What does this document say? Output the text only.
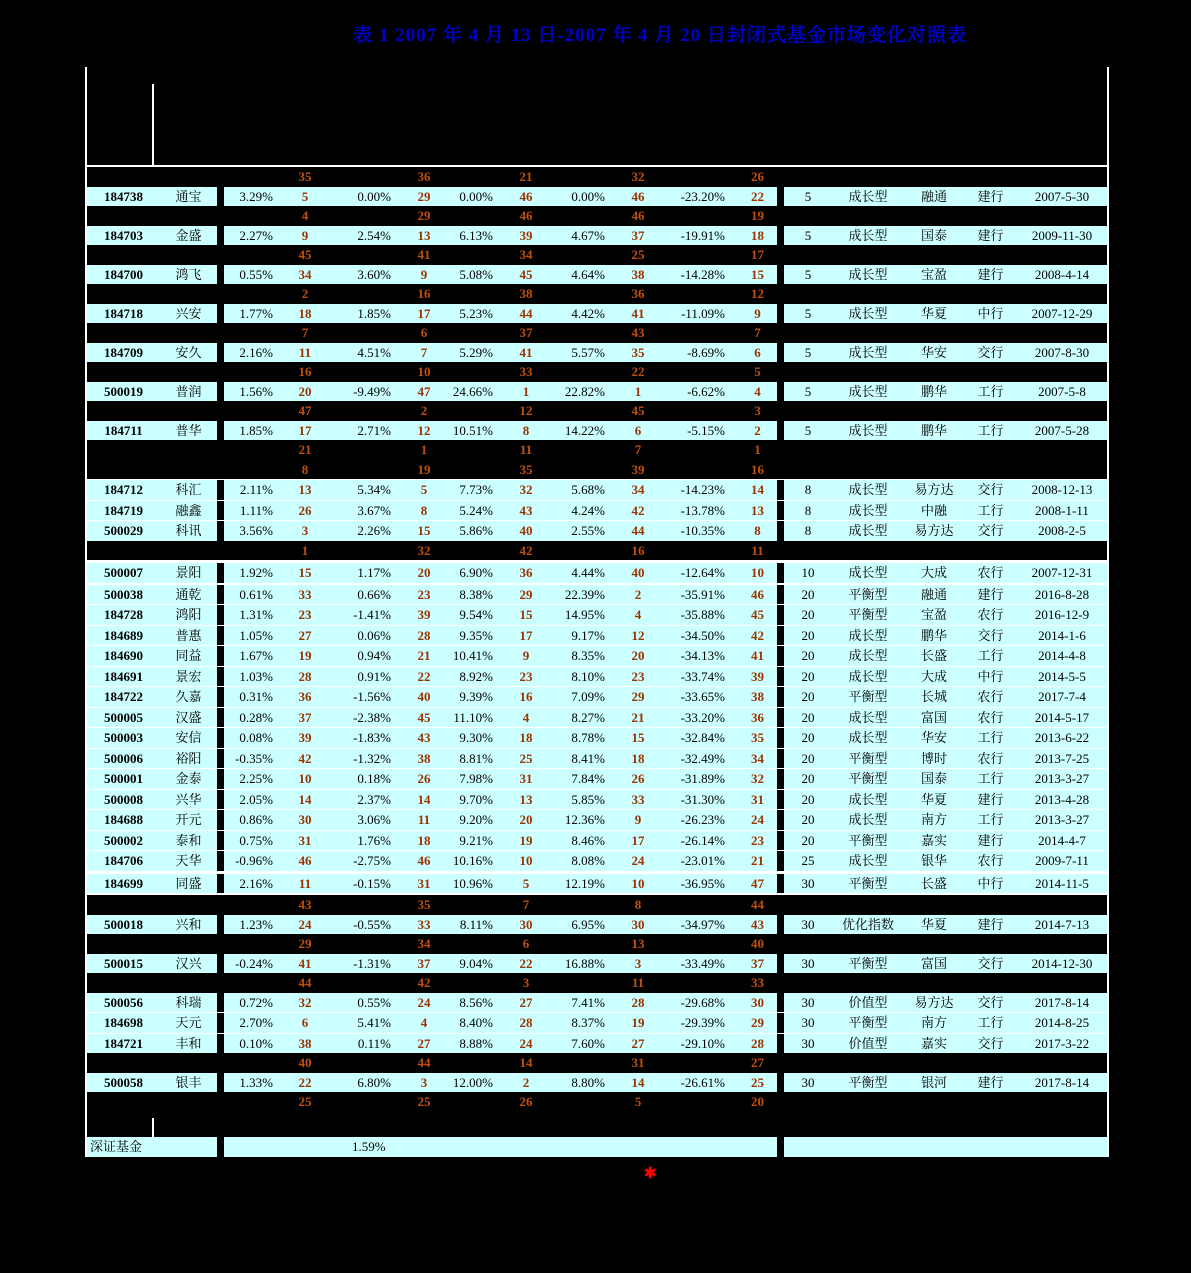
表 1 2007 年 4 月 13 日-2007 年 4 月 20 日封闭式基金市场变化对照表
35	36	21	32	26
184738	通宝	3.29%	5	0.00%	29	0.00%	46	0.00%	46	-23.20%	22	5	成长型	融通	建行	2007-5-30
4	29	46	46	19
184703	金盛	2.27%	9	2.54%	13	6.13%	39	4.67%	37	-19.91%	18	5	成长型	国泰	建行	2009-11-30
45	41	34	25	17
184700	鸿飞	0.55%	34	3.60%	9	5.08%	45	4.64%	38	-14.28%	15	5	成长型	宝盈	建行	2008-4-14
2	16	38	36	12
184718	兴安	1.77%	18	1.85%	17	5.23%	44	4.42%	41	-11.09%	9	5	成长型	华夏	中行	2007-12-29
7	6	37	43	7
184709	安久	2.16%	11	4.51%	7	5.29%	41	5.57%	35	-8.69%	6	5	成长型	华安	交行	2007-8-30
16	10	33	22	5
500019	普润	1.56%	20	-9.49%	47	24.66%	1	22.82%	1	-6.62%	4	5	成长型	鹏华	工行	2007-5-8
47	2	12	45	3
184711	普华	1.85%	17	2.71%	12	10.51%	8	14.22%	6	-5.15%	2	5	成长型	鹏华	工行	2007-5-28
21	1	11	7	1
8	19	35	39	16
184712	科汇	2.11%	13	5.34%	5	7.73%	32	5.68%	34	-14.23%	14	8	成长型	易方达	交行	2008-12-13
184719	融鑫	1.11%	26	3.67%	8	5.24%	43	4.24%	42	-13.78%	13	8	成长型	中融	工行	2008-1-11
500029	科讯	3.56%	3	2.26%	15	5.86%	40	2.55%	44	-10.35%	8	8	成长型	易方达	交行	2008-2-5
1	32	42	16	11
500007	景阳	1.92%	15	1.17%	20	6.90%	36	4.44%	40	-12.64%	10	10	成长型	大成	农行	2007-12-31
500038	通乾	0.61%	33	0.66%	23	8.38%	29	22.39%	2	-35.91%	46	20	平衡型	融通	建行	2016-8-28
184728	鸿阳	1.31%	23	-1.41%	39	9.54%	15	14.95%	4	-35.88%	45	20	平衡型	宝盈	农行	2016-12-9
184689	普惠	1.05%	27	0.06%	28	9.35%	17	9.17%	12	-34.50%	42	20	成长型	鹏华	交行	2014-1-6
184690	同益	1.67%	19	0.94%	21	10.41%	9	8.35%	20	-34.13%	41	20	成长型	长盛	工行	2014-4-8
184691	景宏	1.03%	28	0.91%	22	8.92%	23	8.10%	23	-33.74%	39	20	成长型	大成	中行	2014-5-5
184722	久嘉	0.31%	36	-1.56%	40	9.39%	16	7.09%	29	-33.65%	38	20	平衡型	长城	农行	2017-7-4
500005	汉盛	0.28%	37	-2.38%	45	11.10%	4	8.27%	21	-33.20%	36	20	成长型	富国	农行	2014-5-17
500003	安信	0.08%	39	-1.83%	43	9.30%	18	8.78%	15	-32.84%	35	20	成长型	华安	工行	2013-6-22
500006	裕阳	-0.35%	42	-1.32%	38	8.81%	25	8.41%	18	-32.49%	34	20	平衡型	博时	农行	2013-7-25
500001	金泰	2.25%	10	0.18%	26	7.98%	31	7.84%	26	-31.89%	32	20	平衡型	国泰	工行	2013-3-27
500008	兴华	2.05%	14	2.37%	14	9.70%	13	5.85%	33	-31.30%	31	20	成长型	华夏	建行	2013-4-28
184688	开元	0.86%	30	3.06%	11	9.20%	20	12.36%	9	-26.23%	24	20	成长型	南方	工行	2013-3-27
500002	泰和	0.75%	31	1.76%	18	9.21%	19	8.46%	17	-26.14%	23	20	平衡型	嘉实	建行	2014-4-7
184706	天华	-0.96%	46	-2.75%	46	10.16%	10	8.08%	24	-23.01%	21	25	成长型	银华	农行	2009-7-11
184699	同盛	2.16%	11	-0.15%	31	10.96%	5	12.19%	10	-36.95%	47	30	平衡型	长盛	中行	2014-11-5
43	35	7	8	44
500018	兴和	1.23%	24	-0.55%	33	8.11%	30	6.95%	30	-34.97%	43	30	优化指数	华夏	建行	2014-7-13
29	34	6	13	40
500015	汉兴	-0.24%	41	-1.31%	37	9.04%	22	16.88%	3	-33.49%	37	30	平衡型	富国	交行	2014-12-30
44	42	3	11	33
500056	科瑞	0.72%	32	0.55%	24	8.56%	27	7.41%	28	-29.68%	30	30	价值型	易方达	交行	2017-8-14
184698	天元	2.70%	6	5.41%	4	8.40%	28	8.37%	19	-29.39%	29	30	平衡型	南方	工行	2014-8-25
184721	丰和	0.10%	38	0.11%	27	8.88%	24	7.60%	27	-29.10%	28	30	价值型	嘉实	交行	2017-3-22
40	44	14	31	27
500058	银丰	1.33%	22	6.80%	3	12.00%	2	8.80%	14	-26.61%	25	30	平衡型	银河	建行	2017-8-14
25	25	26	5	20
深证基金	1.59%
✱
